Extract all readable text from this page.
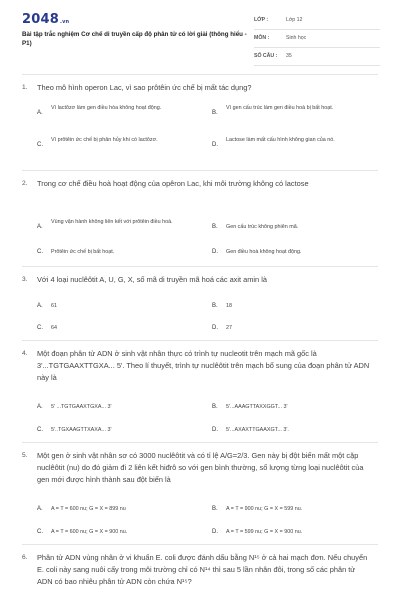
2048.vn
Bài tập trắc nghiệm Cơ chế di truyền cấp độ phân tử có lời giải (thông hiểu - P1)
LỚP :	Lớp 12
MÔN :	Sinh học
SỐ CÂU : 35
1. Theo mô hình operon Lac, vì sao prôtêin ức chế bị mất tác dụng?
A.
Vì lactôzơ làm gen điều hòa không hoạt động.
B.
Vì gen cấu trúc làm gen điều hoà bị bất hoạt.
C.
Vì prôtêin ức chế bị phân hủy khi có lactôzơ.
D.
Lactose làm mất cấu hình không gian của nó.
2. Trong cơ chế điều hoà hoạt động của opêron Lac, khi môi trường không có lactose
A.
Vùng vận hành không liên kết với prôtêin điều hoà.
B. Gen cấu trúc không phiên mã.
C. Prôtêin ức chế bị bất hoạt.	D. Gen điều hoà không hoạt động.
3. Với 4 loại nuclêôtit A, U, G, X, số mã di truyền mã hoá các axit amin là
A. 61	B. 18
C. 64	D. 27
4. Một đoạn phân tử ADN ở sinh vật nhân thực có trình tự nucleotit trên mạch mã gốc là 3'...TGTGAAXTTGXA... 5'. Theo lí thuyết, trình tự nuclêôtit trên mạch bổ sung của đoạn phân tử ADN này là
A. 5' ...TGTGAAXTGXA... 3'	B. 5'...AAAGTTAXXGGT... 3'
C. 5'..TGXAAGTTXAXA... 3'	D. 5'...AXAXTTGAAXGT... 3'.
5. Một gen ở sinh vật nhân sơ có 3000 nuclêôtit và có tỉ lệ A/G=2/3. Gen này bị đột biến mất một cặp nuclêôtit (nu) do đó giảm đi 2 liên kết hiđrô so với gen bình thường, số lượng từng loại nuclêôtit của gen mới được hình thành sau đột biến là
A. A = T = 600 nu; G = X = 899 nu	B. A = T = 900 nu; G = X = 599 nu.
C. A = T = 600 nu; G = X = 900 nu.	D. A = T = 599 nu; G = X = 900 nu.
6. Phân tử ADN vùng nhân ở vi khuẩn E. coli được đánh dấu bằng N¹⁵ ở cả hai mạch đơn. Nếu chuyển E. coli này sang nuôi cấy trong môi trường chỉ có N¹⁴ thì sau 5 lần nhân đôi, trong số các phân tử ADN có bao nhiêu phân tử ADN còn chứa N¹⁵?
